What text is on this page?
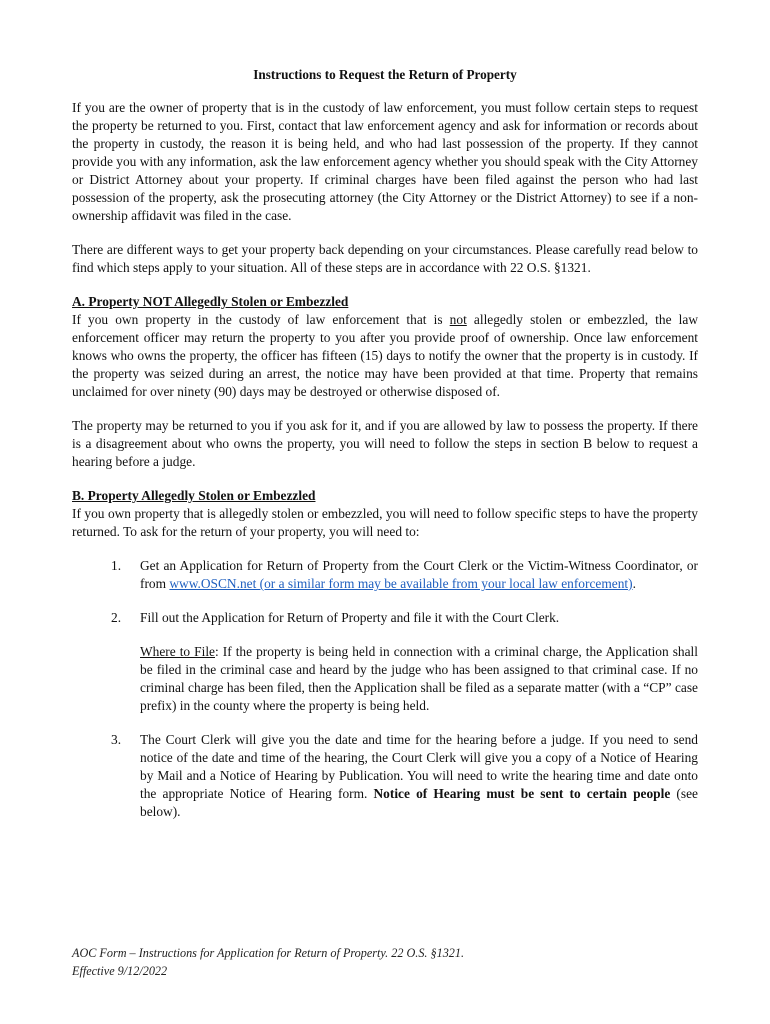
Instructions to Request the Return of Property

If you are the owner of property that is in the custody of law enforcement, you must follow certain steps to request the property be returned to you. First, contact that law enforcement agency and ask for information or records about the property in custody, the reason it is being held, and who had last possession of the property. If they cannot provide you with any information, ask the law enforcement agency whether you should speak with the City Attorney or District Attorney about your property. If criminal charges have been filed against the person who had last possession of the property, ask the prosecuting attorney (the City Attorney or the District Attorney) to see if a non-ownership affidavit was filed in the case.

There are different ways to get your property back depending on your circumstances. Please carefully read below to find which steps apply to your situation. All of these steps are in accordance with 22 O.S. §1321.

A. Property NOT Allegedly Stolen or Embezzled

If you own property in the custody of law enforcement that is not allegedly stolen or embezzled, the law enforcement officer may return the property to you after you provide proof of ownership. Once law enforcement knows who owns the property, the officer has fifteen (15) days to notify the owner that the property is in custody. If the property was seized during an arrest, the notice may have been provided at that time. Property that remains unclaimed for over ninety (90) days may be destroyed or otherwise disposed of.

The property may be returned to you if you ask for it, and if you are allowed by law to possess the property. If there is a disagreement about who owns the property, you will need to follow the steps in section B below to request a hearing before a judge.

B. Property Allegedly Stolen or Embezzled

If you own property that is allegedly stolen or embezzled, you will need to follow specific steps to have the property returned. To ask for the return of your property, you will need to:

1. Get an Application for Return of Property from the Court Clerk or the Victim-Witness Coordinator, or from www.OSCN.net (or a similar form may be available from your local law enforcement).
2. Fill out the Application for Return of Property and file it with the Court Clerk.
Where to File: If the property is being held in connection with a criminal charge, the Application shall be filed in the criminal case and heard by the judge who has been assigned to that criminal case. If no criminal charge has been filed, then the Application shall be filed as a separate matter (with a “CP” case prefix) in the county where the property is being held.
3. The Court Clerk will give you the date and time for the hearing before a judge. If you need to send notice of the date and time of the hearing, the Court Clerk will give you a copy of a Notice of Hearing by Mail and a Notice of Hearing by Publication. You will need to write the hearing time and date onto the appropriate Notice of Hearing form. Notice of Hearing must be sent to certain people (see below).
AOC Form – Instructions for Application for Return of Property. 22 O.S. §1321.
Effective 9/12/2022
